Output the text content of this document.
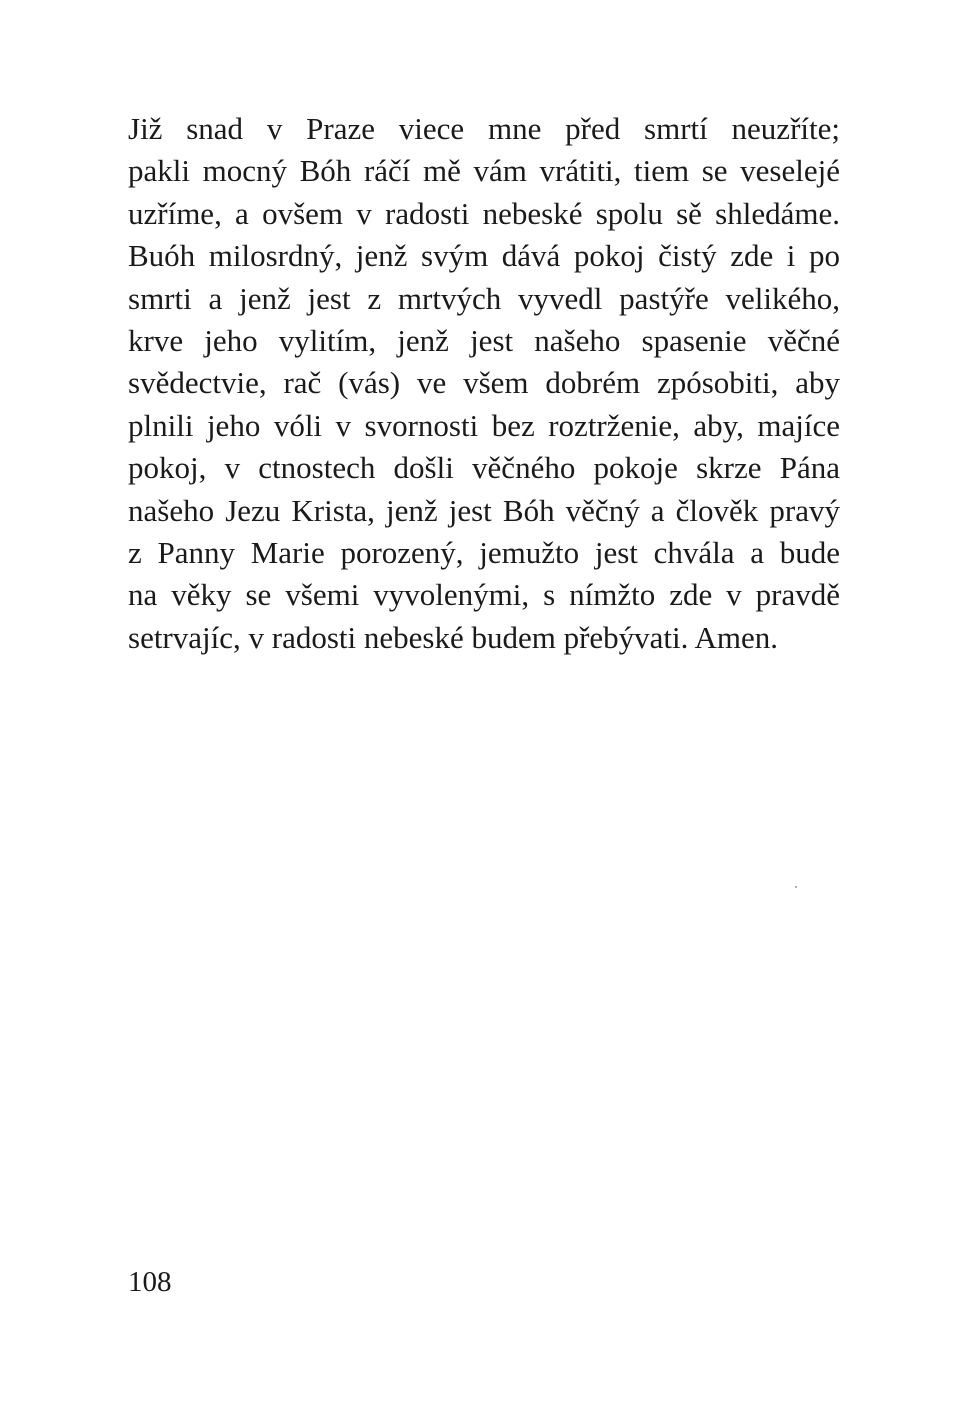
Již snad v Praze viece mne před smrtí neuzříte;
pakli mocný Bóh ráčí mě vám vrátiti, tiem se veselejé
uzříme, a ovšem v radosti nebeské spolu sě shledáme.
Buóh milosrdný, jenž svým dává pokoj čistý zde i po
smrti a jenž jest z mrtvých vyvedl pastýře velikého,
krve jeho vylitím, jenž jest našeho spasenie věčné
svědectvie, rač (vás) ve všem dobrém zpósobiti, aby
plnili jeho vóli v svornosti bez roztrženie, aby, majíce
pokoj, v ctnostech došli věčného pokoje skrze Pána
našeho Jezu Krista, jenž jest Bóh věčný a člověk pravý
z Panny Marie porozený, jemužto jest chvála a bude
na věky se všemi vyvolenými, s nímžto zde v pravdě
setrvajíc, v radosti nebeské budem přebývati. Amen.
108
